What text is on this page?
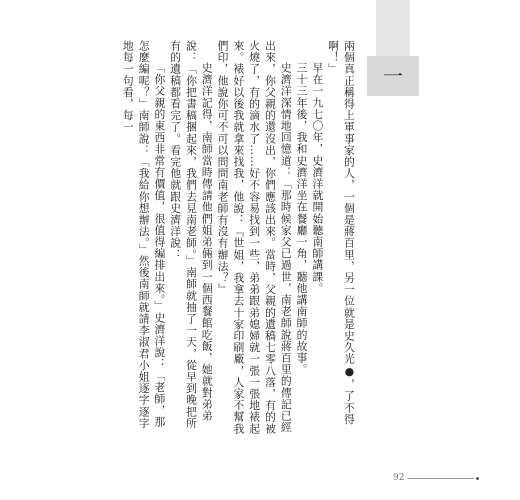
一

兩個真正稱得上軍事家的人，一個是蔣百里，另一位就是史久光●，了不得啊！」

早在一九七〇年，史濟洋就開始聽南師講課。

三十三年後，我和史濟洋坐在餐廳一角，聽他講南師的故事。

史濟洋深情地回憶道：「那時候家父已過世，南老師說蔣百里的傳記已經出來，你父親的還沒出，你們應該出來。當時，父親的遺稿七零八落，有的被火燒了，有的滴水了……好不容易找到一些，弟弟跟弟媳婦就一張一張地裱起來。裱好以後我就拿來找我，他說：『世姐，我拿去十家印刷廠，人家不幫我們印，他說你可不可以問問南老師有沒有辦法？』

史濟洋記得，南師當時傳請他們姐弟倆到一個西餐館吃飯，她就對弟弟說：「你把書稿捆起來，我們去見南老師。」南師就抽了一天，從早到晚把所有的遺稿都看完了。看完他就跟史濟洋說：

「你父親的東西非常有價值，很值得編排出來。」史濟洋說：「老師，那怎麼編呢？」南師說：「我給你想辦法。」然後南師就請李淑君小姐逐字逐字地每一句看，每一

92
